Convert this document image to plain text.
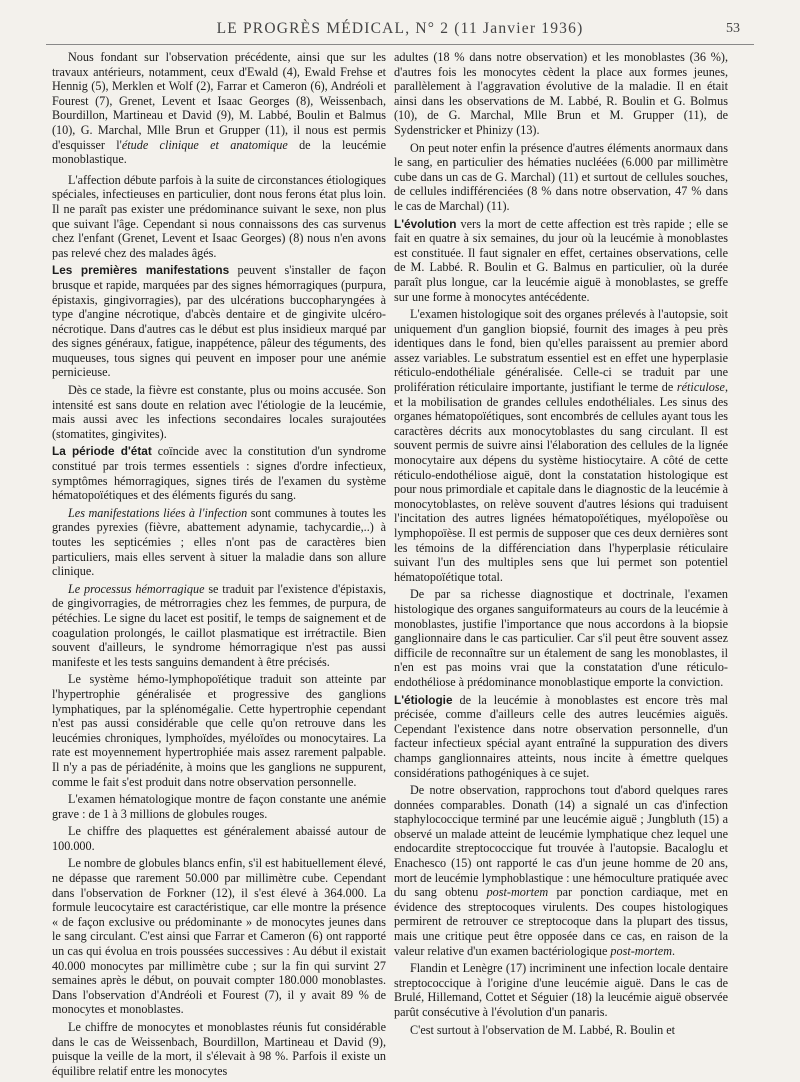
LE PROGRÈS MÉDICAL, N° 2 (11 Janvier 1936)	53

Nous fondant sur l'observation précédente, ainsi que sur les travaux antérieurs, notamment, ceux d'Ewald (4), Ewald Frehse et Hennig (5), Merklen et Wolf (2), Farrar et Cameron (6), Andréoli et Fourest (7), Grenet, Levent et Isaac Georges (8), Weissenbach, Bourdillon, Martineau et David (9), M. Labbé, Boulin et Balmus (10), G. Marchal, Mlle Brun et Grupper (11), il nous est permis d'esquisser l'étude clinique et anatomique de la leucémie monoblastique.

L'affection débute parfois à la suite de circonstances étiologiques spéciales, infectieuses en particulier, dont nous ferons état plus loin. Il ne paraît pas exister une prédominance suivant le sexe, non plus que suivant l'âge. Cependant si nous connaissons des cas survenus chez l'enfant (Grenet, Levent et Isaac Georges) (8) nous n'en avons pas relevé chez des malades âgés.

Les premières manifestations peuvent s'installer de façon brusque et rapide, marquées par des signes hémorragiques (purpura, épistaxis, gingivorragies), par des ulcérations buccopharyngées à type d'angine nécrotique, d'abcès dentaire et de gingivite ulcéro-nécrotique. Dans d'autres cas le début est plus insidieux marqué par des signes généraux, fatigue, inappétence, pâleur des téguments, des muqueuses, tous signes qui peuvent en imposer pour une anémie pernicieuse.

Dès ce stade, la fièvre est constante, plus ou moins accusée. Son intensité est sans doute en relation avec l'étiologie de la leucémie, mais aussi avec les infections secondaires locales surajoutées (stomatites, gingivites).

La période d'état coïncide avec la constitution d'un syndrome constitué par trois termes essentiels : signes d'ordre infectieux, symptômes hémorragiques, signes tirés de l'examen du système hématopoïétiques et des éléments figurés du sang.

Les manifestations liées à l'infection sont communes à toutes les grandes pyrexies (fièvre, abattement adynamie, tachycardie,..) à toutes les septicémies ; elles n'ont pas de caractères bien particuliers, mais elles servent à situer la maladie dans son allure clinique.

Le processus hémorragique se traduit par l'existence d'épistaxis, de gingivorragies, de métrorragies chez les femmes, de purpura, de pétéchies. Le signe du lacet est positif, le temps de saignement et de coagulation prolongés, le caillot plasmatique est irrétractile. Bien souvent d'ailleurs, le syndrome hémorragique n'est pas aussi manifeste et les tests sanguins demandent à être précisés.

Le système hémo-lymphopoïétique traduit son atteinte par l'hypertrophie généralisée et progressive des ganglions lymphatiques, par la splénomégalie. Cette hypertrophie cependant n'est pas aussi considérable que celle qu'on retrouve dans les leucémies chroniques, lymphoïdes, myéloïdes ou monocytaires. La rate est moyennement hypertrophiée mais assez rarement palpable. Il n'y a pas de périadénite, à moins que les ganglions ne suppurent, comme le fait s'est produit dans notre observation personnelle.

L'examen hématologique montre de façon constante une anémie grave : de 1 à 3 millions de globules rouges.

Le chiffre des plaquettes est généralement abaissé autour de 100.000.

Le nombre de globules blancs enfin, s'il est habituellement élevé, ne dépasse que rarement 50.000 par millimètre cube. Cependant dans l'observation de Forkner (12), il s'est élevé à 364.000. La formule leucocytaire est caractéristique, car elle montre la présence « de façon exclusive ou prédominante » de monocytes jeunes dans le sang circulant. C'est ainsi que Farrar et Cameron (6) ont rapporté un cas qui évolua en trois poussées successives : Au début il existait 40.000 monocytes par millimètre cube ; sur la fin qui survint 27 semaines après le début, on pouvait compter 180.000 monoblastes. Dans l'observation d'Andréoli et Fourest (7), il y avait 89 % de monocytes et monoblastes.

Le chiffre de monocytes et monoblastes réunis fut considérable dans le cas de Weissenbach, Bourdillon, Martineau et David (9), puisque la veille de la mort, il s'élevait à 98 %. Parfois il existe un équilibre relatif entre les monocytes

adultes (18 % dans notre observation) et les monoblastes (36 %), d'autres fois les monocytes cèdent la place aux formes jeunes, parallèlement à l'aggravation évolutive de la maladie. Il en était ainsi dans les observations de M. Labbé, R. Boulin et G. Bolmus (10), de G. Marchal, Mlle Brun et M. Grupper (11), de Sydenstricker et Phinizy (13).

On peut noter enfin la présence d'autres éléments anormaux dans le sang, en particulier des hématies nucléées (6.000 par millimètre cube dans un cas de G. Marchal) (11) et surtout de cellules souches, de cellules indifférenciées (8 % dans notre observation, 47 % dans le cas de Marchal) (11).

L'évolution vers la mort de cette affection est très rapide ; elle se fait en quatre à six semaines, du jour où la leucémie à monoblastes est constituée. Il faut signaler en effet, certaines observations, celle de M. Labbé. R. Boulin et G. Balmus en particulier, où la durée paraît plus longue, car la leucémie aiguë à monoblastes, se greffe sur une forme à monocytes antécédente.

L'examen histologique soit des organes prélevés à l'autopsie, soit uniquement d'un ganglion biopsié, fournit des images à peu près identiques dans le fond, bien qu'elles paraissent au premier abord assez variables. Le substratum essentiel est en effet une hyperplasie réticulo-endothéliale généralisée. Celle-ci se traduit par une prolifération réticulaire importante, justifiant le terme de réticulose, et la mobilisation de grandes cellules endothéliales. Les sinus des organes hématopoïétiques, sont encombrés de cellules ayant tous les caractères décrits aux monocytoblastes du sang circulant. Il est souvent permis de suivre ainsi l'élaboration des cellules de la lignée monocytaire aux dépens du système histiocytaire. A côté de cette réticulo-endothéliose aiguë, dont la constatation histologique est pour nous primordiale et capitale dans le diagnostic de la leucémie à monocytoblastes, on relève souvent d'autres lésions qui traduisent l'incitation des autres lignées hématopoïétiques, myélopoïèse ou lymphopoïèse. Il est permis de supposer que ces deux dernières sont les témoins de la différenciation dans l'hyperplasie réticulaire suivant l'un des multiples sens que lui permet son potentiel hématopoïétique total.

De par sa richesse diagnostique et doctrinale, l'examen histologique des organes sanguiformateurs au cours de la leucémie à monoblastes, justifie l'importance que nous accordons à la biopsie ganglionnaire dans le cas particulier. Car s'il peut être souvent assez difficile de reconnaître sur un étalement de sang les monoblastes, il n'en est pas moins vrai que la constatation d'une réticulo-endothéliose à prédominance monoblastique emporte la conviction.

L'étiologie de la leucémie à monoblastes est encore très mal précisée, comme d'ailleurs celle des autres leucémies aiguës. Cependant l'existence dans notre observation personnelle, d'un facteur infectieux spécial ayant entraîné la suppuration des divers champs ganglionnaires atteints, nous incite à émettre quelques considérations pathogéniques à ce sujet.

De notre observation, rapprochons tout d'abord quelques rares données comparables. Donath (14) a signalé un cas d'infection staphylococcique terminé par une leucémie aiguë ; Jungbluth (15) a observé un malade atteint de leucémie lymphatique chez lequel une endocardite streptococcique fut trouvée à l'autopsie. Bacaloglu et Enachesco (15) ont rapporté le cas d'un jeune homme de 20 ans, mort de leucémie lymphoblastique : une hémoculture pratiquée avec du sang obtenu post-mortem par ponction cardiaque, met en évidence des streptocoques virulents. Des coupes histologiques permirent de retrouver ce streptocoque dans la plupart des tissus, mais une critique peut être opposée dans ce cas, en raison de la valeur relative d'un examen bactériologique post-mortem.

Flandin et Lenègre (17) incriminent une infection locale dentaire streptococcique à l'origine d'une leucémie aiguë. Dans le cas de Brulé, Hillemand, Cottet et Séguier (18) la leucémie aiguë observée parût consécutive à l'évolution d'un panaris.

C'est surtout à l'observation de M. Labbé, R. Boulin et
